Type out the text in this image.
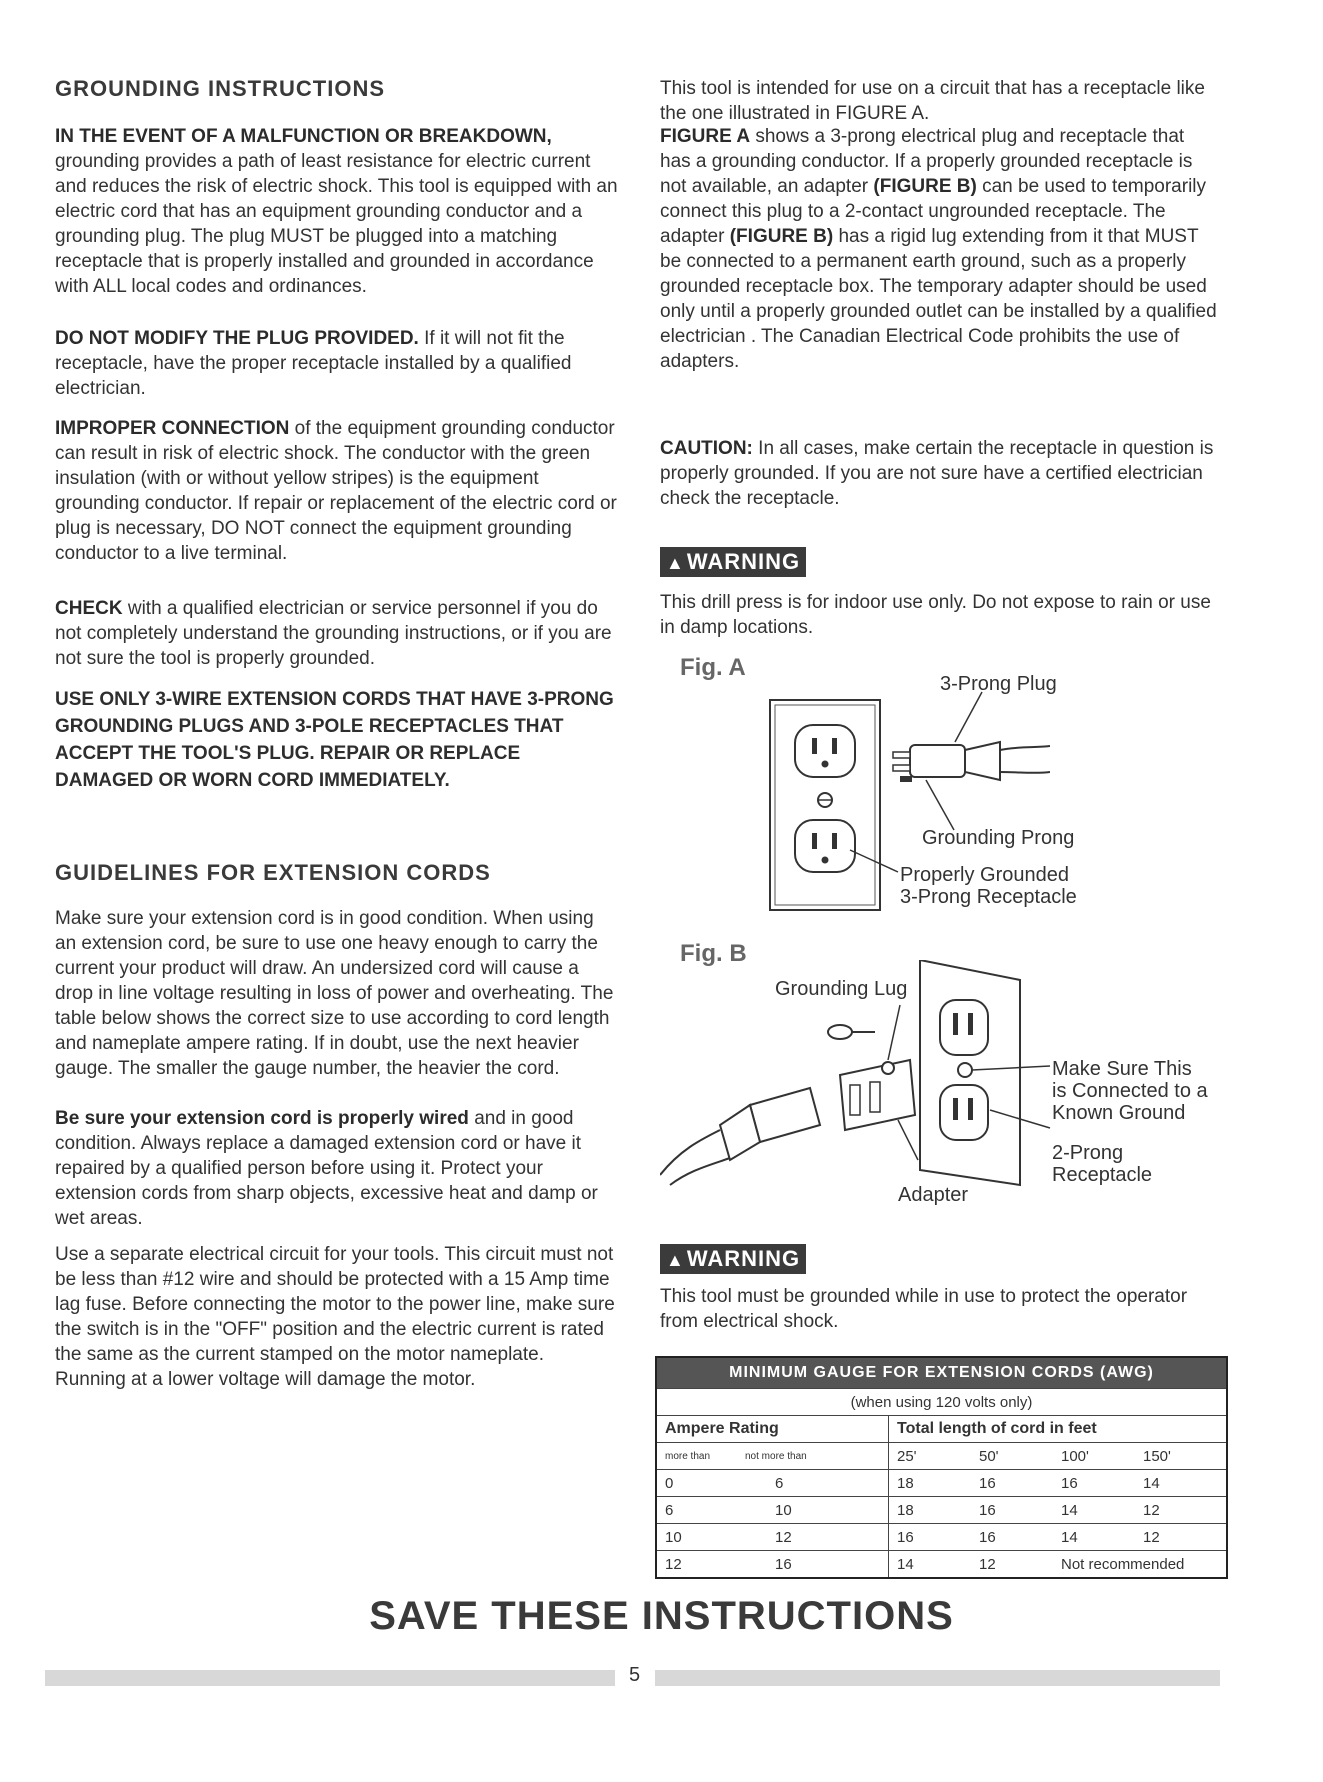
GROUNDING INSTRUCTIONS

IN THE EVENT OF A MALFUNCTION OR BREAKDOWN, grounding provides a path of least resistance for electric current and reduces the risk of electric shock. This tool is equipped with an electric cord that has an equipment grounding conductor and a grounding plug. The plug MUST be plugged into a matching receptacle that is properly installed and grounded in accordance with ALL local codes and ordinances.

DO NOT MODIFY THE PLUG PROVIDED. If it will not fit the receptacle, have the proper receptacle installed by a qualified electrician.

IMPROPER CONNECTION of the equipment grounding conductor can result in risk of electric shock. The conductor with the green insulation (with or without yellow stripes) is the equipment grounding conductor. If repair or replacement of the electric cord or plug is necessary, DO NOT connect the equipment grounding conductor to a live terminal.

CHECK with a qualified electrician or service personnel if you do not completely understand the grounding instructions, or if you are not sure the tool is properly grounded.

USE ONLY 3-WIRE EXTENSION CORDS THAT HAVE 3-PRONG GROUNDING PLUGS AND 3-POLE RECEPTACLES THAT ACCEPT THE TOOL'S PLUG. REPAIR OR REPLACE DAMAGED OR WORN CORD IMMEDIATELY.

GUIDELINES FOR EXTENSION CORDS

Make sure your extension cord is in good condition. When using an extension cord, be sure to use one heavy enough to carry the current your product will draw. An undersized cord will cause a drop in line voltage resulting in loss of power and overheating. The table below shows the correct size to use according to cord length and nameplate ampere rating. If in doubt, use the next heavier gauge. The smaller the gauge number, the heavier the cord.

Be sure your extension cord is properly wired and in good condition. Always replace a damaged extension cord or have it repaired by a qualified person before using it. Protect your extension cords from sharp objects, excessive heat and damp or wet areas.

Use a separate electrical circuit for your tools. This circuit must not be less than #12 wire and should be protected with a 15 Amp time lag fuse. Before connecting the motor to the power line, make sure the switch is in the "OFF" position and the electric current is rated the same as the current stamped on the motor nameplate. Running at a lower voltage will damage the motor.

This tool is intended for use on a circuit that has a receptacle like the one illustrated in FIGURE A.

FIGURE A shows a 3-prong electrical plug and receptacle that has a grounding conductor. If a properly grounded receptacle is not available, an adapter (FIGURE B) can be used to temporarily connect this plug to a 2-contact ungrounded receptacle. The adapter (FIGURE B) has a rigid lug extending from it that MUST be connected to a permanent earth ground, such as a properly grounded receptacle box. The temporary adapter should be used only until a properly grounded outlet can be installed by a qualified electrician . The Canadian Electrical Code prohibits the use of adapters.

CAUTION: In all cases, make certain the receptacle in question is properly grounded. If you are not sure have a certified electrician check the receptacle.

▲WARNING

This drill press is for indoor use only. Do not expose to rain or use in damp locations.

Fig. A
3-Prong Plug
Grounding Prong
Properly Grounded
3-Prong Receptacle
Fig. B
Grounding Lug
Make Sure This
is Connected to a
Known Ground
2-Prong
Receptacle
Adapter
▲WARNING

This tool must be grounded while in use to protect the operator from electrical shock.

MINIMUM GAUGE FOR EXTENSION CORDS (AWG)	
(when using 120 volts only)	
Ampere Rating	Total length of cord in feet

more than not more than	25' 50' 100' 150'

0 6	18 16 16 14

6 10	18 16 14 12

10 12	16 16 14 12

12 16	14 12 Not recommended
SAVE THESE INSTRUCTIONS
5
